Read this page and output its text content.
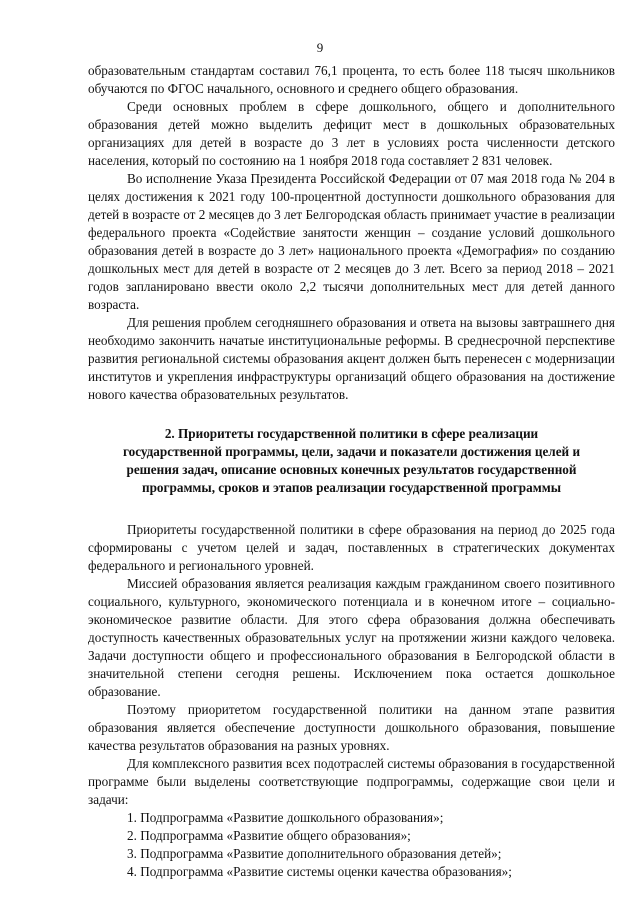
9

образовательным стандартам составил 76,1 процента, то есть более 118 тысяч школьников обучаются по ФГОС начального, основного и среднего общего образования.

Среди основных проблем в сфере дошкольного, общего и дополнительного образования детей можно выделить дефицит мест в дошкольных образовательных организациях для детей в возрасте до 3 лет в условиях роста численности детского населения, который по состоянию на 1 ноября 2018 года составляет 2 831 человек.

Во исполнение Указа Президента Российской Федерации от 07 мая 2018 года № 204 в целях достижения к 2021 году 100-процентной доступности дошкольного образования для детей в возрасте от 2 месяцев до 3 лет Белгородская область принимает участие в реализации федерального проекта «Содействие занятости женщин – создание условий дошкольного образования детей в возрасте до 3 лет» национального проекта «Демография» по созданию дошкольных мест для детей в возрасте от 2 месяцев до 3 лет. Всего за период 2018 – 2021 годов запланировано ввести около 2,2 тысячи дополнительных мест для детей данного возраста.

Для решения проблем сегодняшнего образования и ответа на вызовы завтрашнего дня необходимо закончить начатые институциональные реформы. В среднесрочной перспективе развития региональной системы образования акцент должен быть перенесен с модернизации институтов и укрепления инфраструктуры организаций общего образования на достижение нового качества образовательных результатов.

2. Приоритеты государственной политики в сфере реализации государственной программы, цели, задачи и показатели достижения целей и решения задач, описание основных конечных результатов государственной программы, сроков и этапов реализации государственной программы

Приоритеты государственной политики в сфере образования на период до 2025 года сформированы с учетом целей и задач, поставленных в стратегических документах федерального и регионального уровней.

Миссией образования является реализация каждым гражданином своего позитивного социального, культурного, экономического потенциала и в конечном итоге – социально-экономическое развитие области. Для этого сфера образования должна обеспечивать доступность качественных образовательных услуг на протяжении жизни каждого человека. Задачи доступности общего и профессионального образования в Белгородской области в значительной степени сегодня решены. Исключением пока остается дошкольное образование.

Поэтому приоритетом государственной политики на данном этапе развития образования является обеспечение доступности дошкольного образования, повышение качества результатов образования на разных уровнях.

Для комплексного развития всех подотраслей системы образования в государственной программе были выделены соответствующие подпрограммы, содержащие свои цели и задачи:

1. Подпрограмма «Развитие дошкольного образования»;
2. Подпрограмма «Развитие общего образования»;
3. Подпрограмма «Развитие дополнительного образования детей»;
4. Подпрограмма «Развитие системы оценки качества образования»;
